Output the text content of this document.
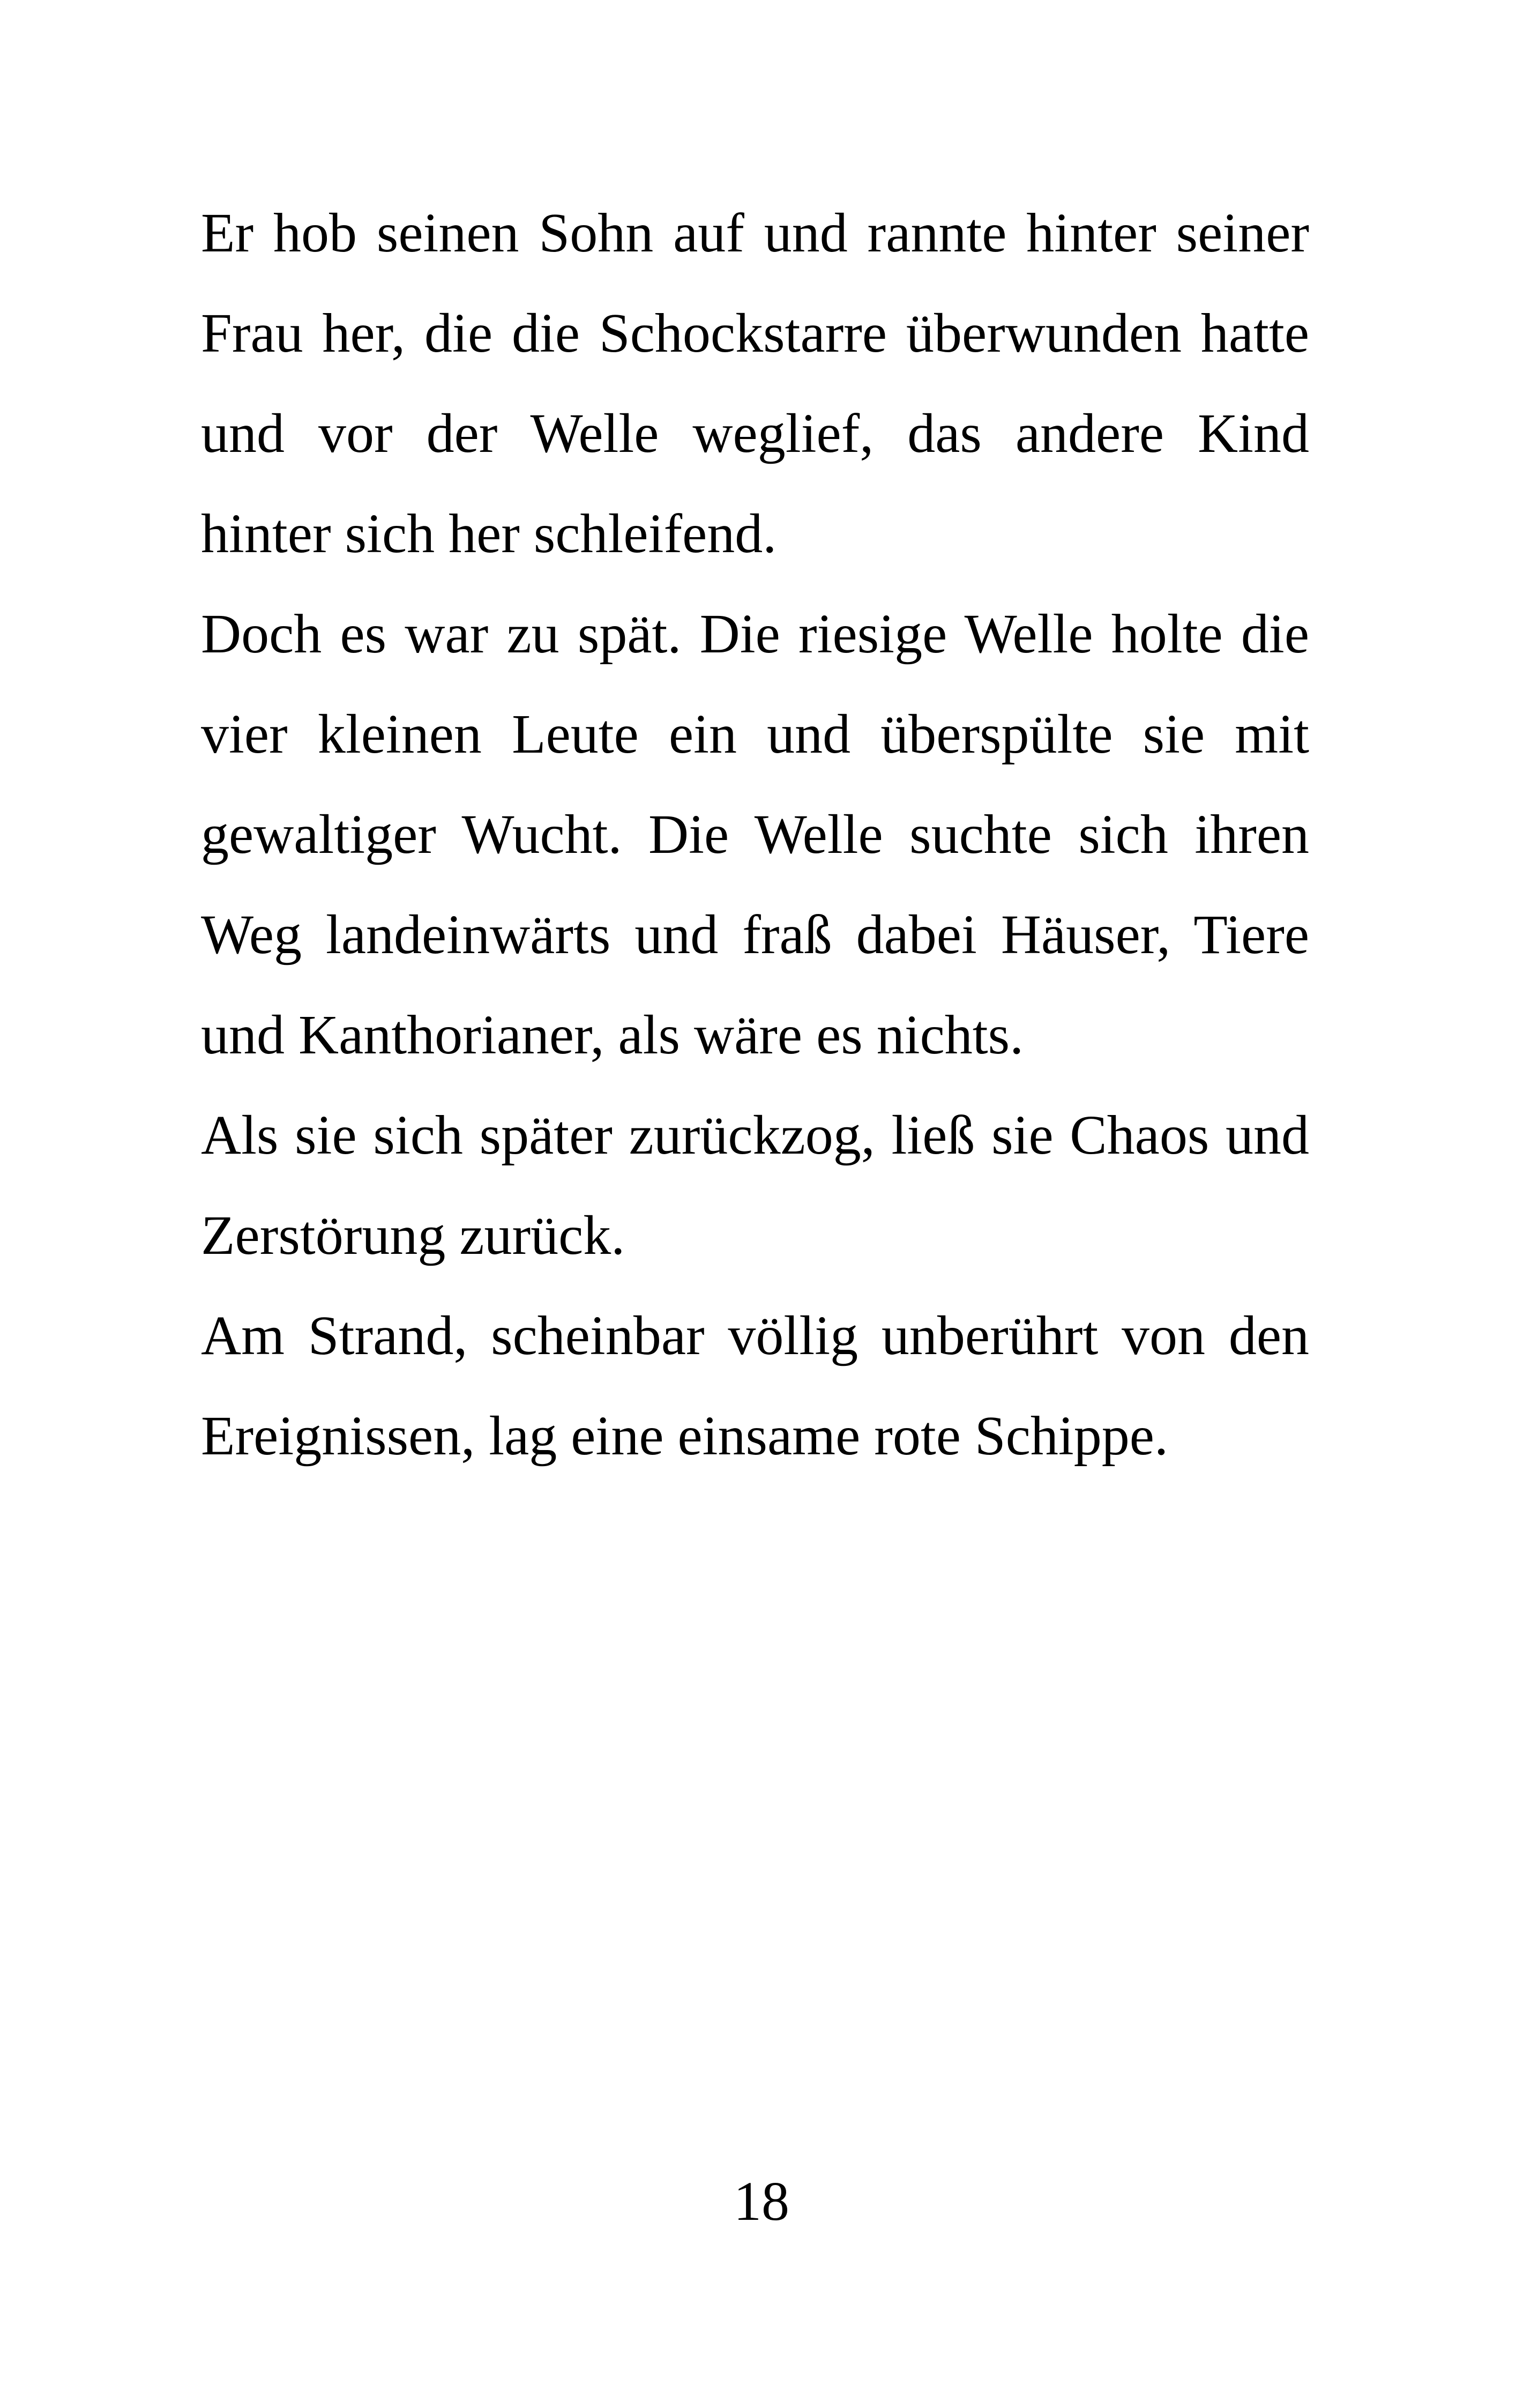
Er hob seinen Sohn auf und rannte hinter seiner
Frau her, die die Schockstarre überwunden hatte
und vor der Welle weglief, das andere Kind
hinter sich her schleifend.
Doch es war zu spät. Die riesige Welle holte die
vier kleinen Leute ein und überspülte sie mit
gewaltiger Wucht. Die Welle suchte sich ihren
Weg landeinwärts und fraß dabei Häuser, Tiere
und Kanthorianer, als wäre es nichts.
Als sie sich später zurückzog, ließ sie Chaos und
Zerstörung zurück.
Am Strand, scheinbar völlig unberührt von den
Ereignissen, lag eine einsame rote Schippe.
18
